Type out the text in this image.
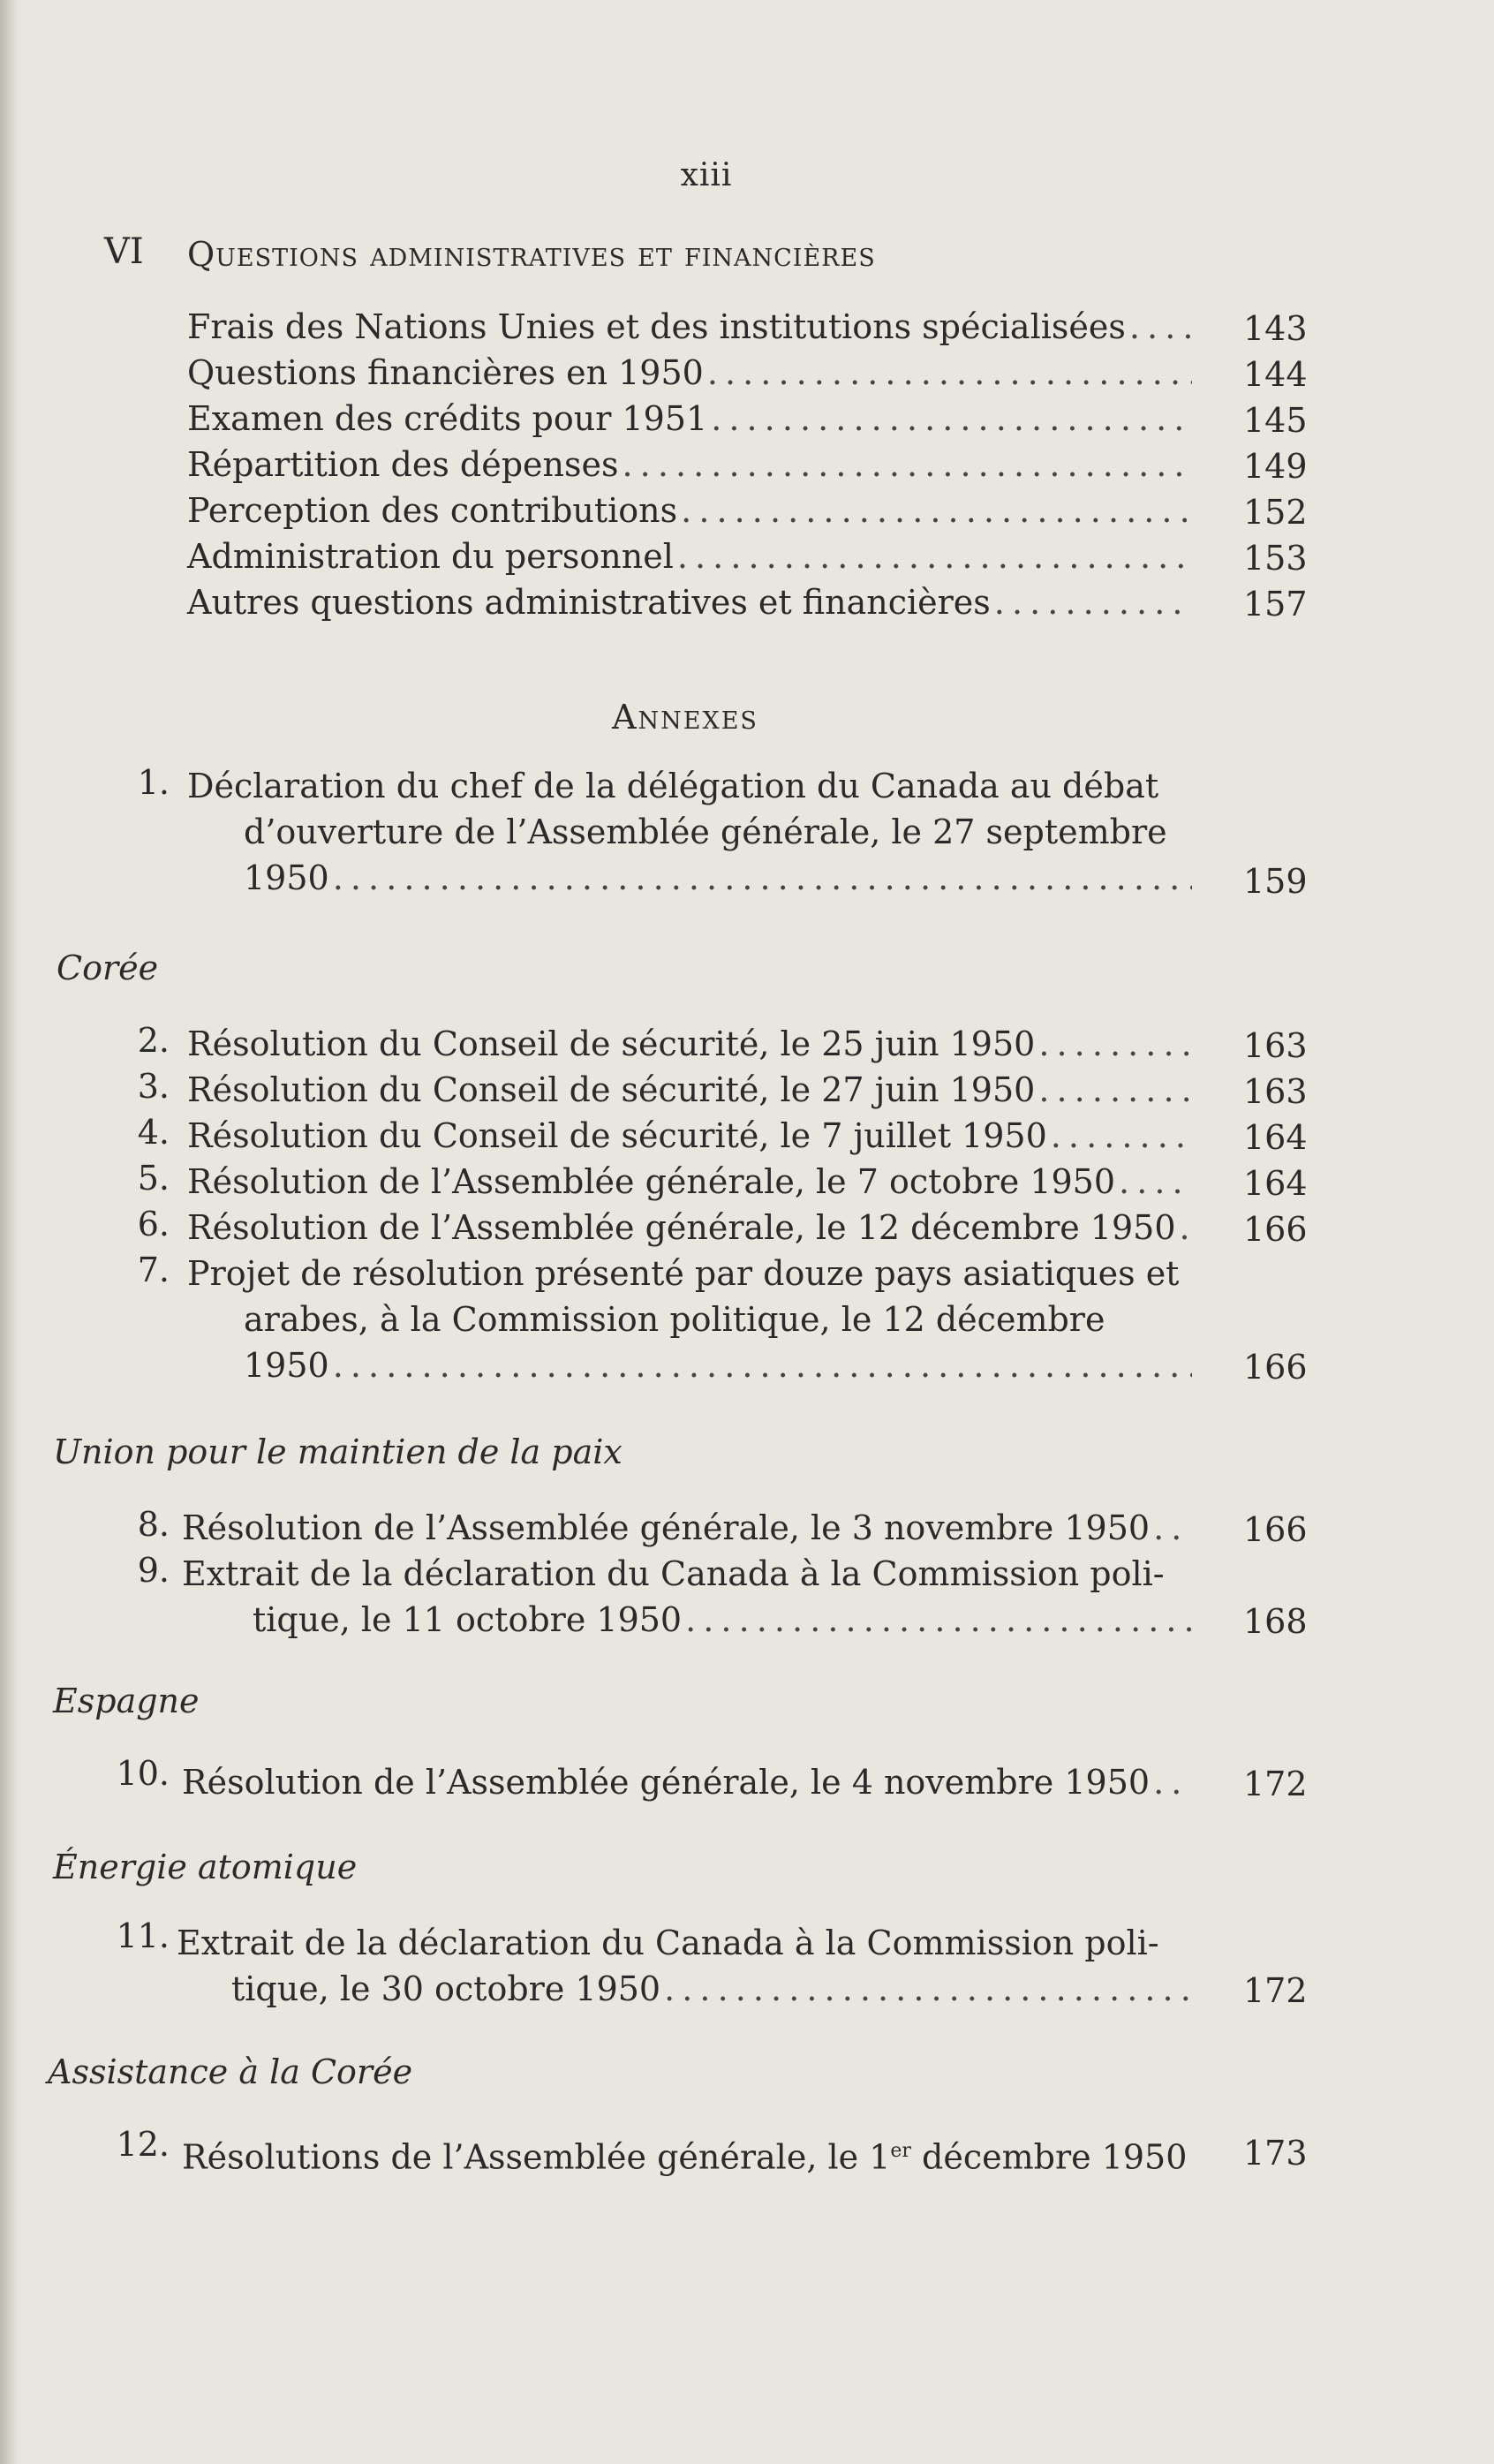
xiii
VI Questions administratives et financières
Frais des Nations Unies et des institutions spécialisées . . .	143
Questions financières en 1950 . . .	144
Examen des crédits pour 1951 . . .	145
Répartition des dépenses . . .	149
Perception des contributions . . .	152
Administration du personnel . . .	153
Autres questions administratives et financières . . .	157
Annexes
1. Déclaration du chef de la délégation du Canada au débat
d’ouverture de l’Assemblée générale, le 27 septembre
1950 . . .	159
Corée
2. Résolution du Conseil de sécurité, le 25 juin 1950 . . .	163
3. Résolution du Conseil de sécurité, le 27 juin 1950 . . .	163
4. Résolution du Conseil de sécurité, le 7 juillet 1950 . . .	164
5. Résolution de l’Assemblée générale, le 7 octobre 1950 . . .	164
6. Résolution de l’Assemblée générale, le 12 décembre 1950 . . . 166
7. Projet de résolution présenté par douze pays asiatiques et
arabes, à la Commission politique, le 12 décembre
1950 . . .	166
Union pour le maintien de la paix
8. Résolution de l’Assemblée générale, le 3 novembre 1950 . . .	166
9. Extrait de la déclaration du Canada à la Commission poli-
tique, le 11 octobre 1950 . . .	168
Espagne
10. Résolution de l’Assemblée générale, le 4 novembre 1950 . . .	172
Énergie atomique
11. Extrait de la déclaration du Canada à la Commission poli-
tique, le 30 octobre 1950 . . .	172
Assistance à la Corée
12. Résolutions de l’Assemblée générale, le 1er décembre 1950 . . . 173
